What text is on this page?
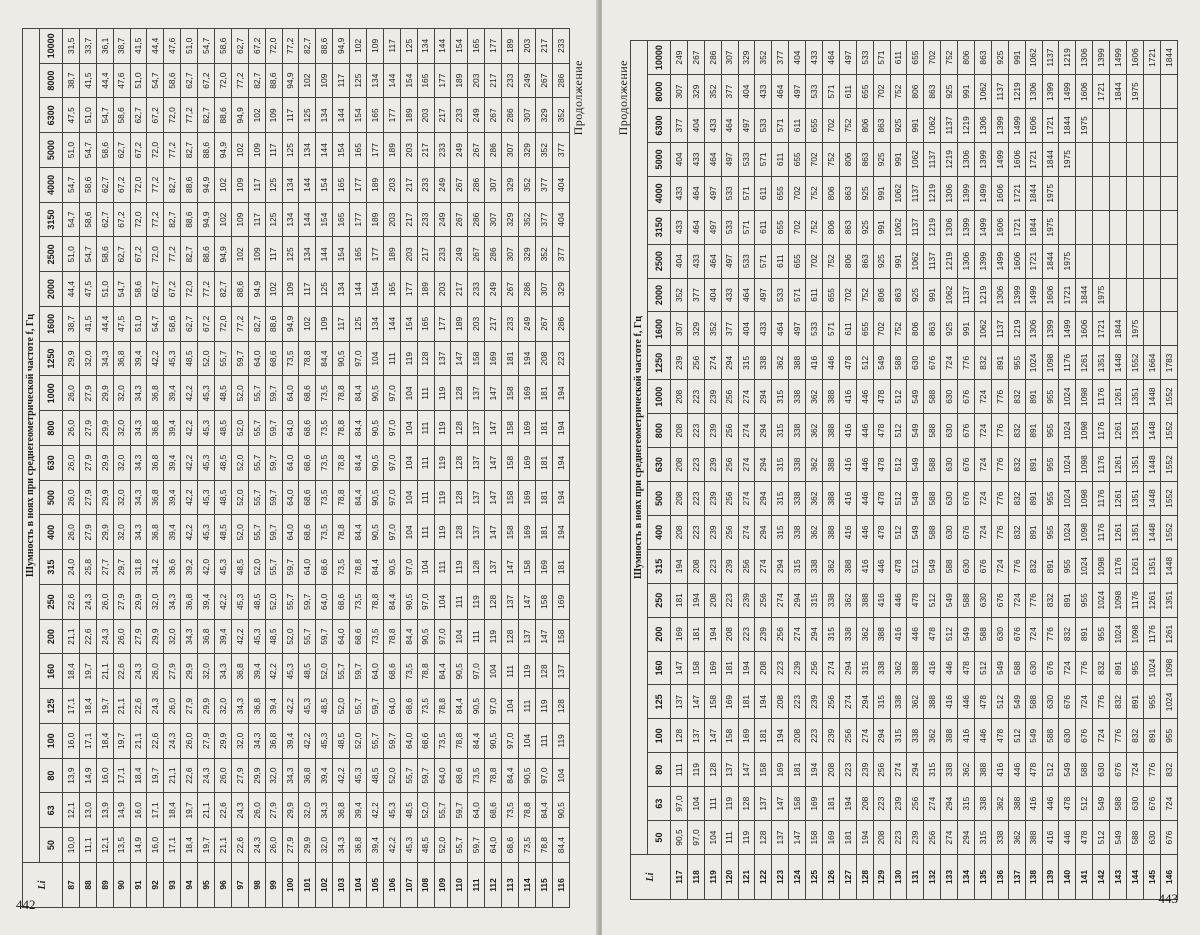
Продолжение
Li	Шумность в ноях при среднегеометрической частоте f, Гц																							
	50	63	80	100	125	160	200	250	315	400	500	630	800	1000	1250	1600	2000	2500	3150	4000	5000	6300	8000	10000
87	10,0	12,1	13,9	16,0	17,1	18,4	21,1	22,6	24,0	26,0	26,0	26,0	26,0	26,0	29,9	38,7	44,4	51,0	54,7	54,7	51,0	47,5	38,7	31,5
88	11,1	13,0	14,9	17,1	18,4	19,7	22,6	24,3	25,8	27,9	27,9	27,9	27,9	27,9	32,0	41,5	47,5	54,7	58,6	58,6	54,7	51,0	41,5	33,7
89	12,1	13,9	16,0	18,4	19,7	21,1	24,3	26,0	27,7	29,9	29,9	29,9	29,9	29,9	34,3	44,4	51,0	58,6	62,7	62,7	58,6	54,7	44,4	36,1
90	13,5	14,9	17,1	19,7	21,1	22,6	26,0	27,9	29,7	32,0	32,0	32,0	32,0	32,0	36,8	47,5	54,7	62,7	67,2	67,2	62,7	58,6	47,6	38,7
91	14,9	16,0	18,4	21,1	22,6	24,3	27,9	29,9	31,8	34,3	34,3	34,3	34,3	34,3	39,4	51,0	58,6	67,2	72,0	72,0	67,2	62,7	51,0	41,5
92	16,0	17,1	19,7	22,6	24,3	26,0	29,9	32,0	34,2	36,8	36,8	36,8	36,8	36,8	42,2	54,7	62,7	72,0	77,2	77,2	72,0	67,2	54,7	44,4
93	17,1	18,4	21,1	24,3	26,0	27,9	32,0	34,3	36,6	39,4	39,4	39,4	39,4	39,4	45,3	58,6	67,2	77,2	82,7	82,7	77,2	72,0	58,6	47,6
94	18,4	19,7	22,6	26,0	27,9	29,9	34,3	36,8	39,2	42,2	42,2	42,2	42,2	42,2	48,5	62,7	72,0	82,7	88,6	88,6	82,7	77,2	62,7	51,0
95	19,7	21,1	24,3	27,9	29,9	32,0	36,8	39,4	42,0	45,3	45,3	45,3	45,3	45,3	52,0	67,2	77,2	88,6	94,9	94,9	88,6	82,7	67,2	54,7
96	21,1	22,6	26,0	29,9	32,0	34,3	39,4	42,2	45,3	48,5	48,5	48,5	48,5	48,5	55,7	72,0	82,7	94,9	102	102	94,9	88,6	72,0	58,6
97	22,6	24,3	27,9	32,0	34,3	36,8	42,2	45,3	48,5	52,0	52,0	52,0	52,0	52,0	59,7	77,2	88,6	102	109	109	102	94,9	77,2	62,7
98	24,3	26,0	29,9	34,3	36,8	39,4	45,3	48,5	52,0	55,7	55,7	55,7	55,7	55,7	64,0	82,7	94,9	109	117	117	109	102	82,7	67,2
99	26,0	27,9	32,0	36,8	39,4	42,2	48,5	52,0	55,7	59,7	59,7	59,7	59,7	59,7	68,6	88,6	102	117	125	125	117	109	88,6	72,0
100	27,9	29,9	34,3	39,4	42,2	45,3	52,0	55,7	59,7	64,0	64,0	64,0	64,0	64,0	73,5	94,9	109	125	134	134	125	117	94,9	77,2
101	29,9	32,0	36,8	42,2	45,3	48,5	55,7	59,7	64,0	68,6	68,6	68,6	68,6	68,6	78,8	102	117	134	144	144	134	125	102	82,7
102	32,0	34,3	39,4	45,3	48,5	52,0	59,7	64,0	68,6	73,5	73,5	73,5	73,5	73,5	84,4	109	125	144	154	154	144	134	109	88,6
103	34,3	36,8	42,2	48,5	52,0	55,7	64,0	68,6	73,5	78,8	78,8	78,8	78,8	78,8	90,5	117	134	154	165	165	154	144	117	94,9
104	36,8	39,4	45,3	52,0	55,7	59,7	68,6	73,5	78,8	84,4	84,4	84,4	84,4	84,4	97,0	125	144	165	177	177	165	154	125	102
105	39,4	42,2	48,5	55,7	59,7	64,0	73,5	78,8	84,4	90,5	90,5	90,5	90,5	90,5	104	134	154	177	189	189	177	165	134	109
106	42,2	45,3	52,0	59,7	64,0	68,6	78,8	84,4	90,5	97,0	97,0	97,0	97,0	97,0	111	144	165	189	203	203	189	177	144	117
107	45,3	48,5	55,7	64,0	68,6	73,5	84,4	90,5	97,0	104	104	104	104	104	119	154	177	203	217	217	203	189	154	125
108	48,5	52,0	59,7	68,6	73,5	78,8	90,5	97,0	104	111	111	111	111	111	128	165	189	217	233	233	217	203	165	134
109	52,0	55,7	64,0	73,5	78,8	84,4	97,0	104	111	119	119	119	119	119	137	177	203	233	249	249	233	217	177	144
110	55,7	59,7	68,6	78,8	84,4	90,5	104	111	119	128	128	128	128	128	147	189	217	249	267	267	249	233	189	154
111	59,7	64,0	73,5	84,4	90,5	97,0	111	119	128	137	137	137	137	137	158	203	233	267	286	286	267	249	203	165
112	64,0	68,6	78,8	90,5	97,0	104	119	128	137	147	147	147	147	147	169	217	249	286	307	307	286	267	217	177
113	68,6	73,5	84,4	97,0	104	111	128	137	147	158	158	158	158	158	181	233	267	307	329	329	307	286	233	189
114	73,5	78,8	90,5	104	111	119	137	147	158	169	169	169	169	169	194	249	286	329	352	352	329	307	249	203
115	78,8	84,4	97,0	111	119	128	147	158	169	181	181	181	181	181	208	267	307	352	377	377	352	329	267	217
116	84,4	90,5	104	119	128	137	158	169	181	194	194	194	194	194	223	286	329	377	404	404	377	352	286	233
442
Продолжение
Li	Шумность в ноях при среднегеометрической частоте f, Гц																							
	50	63	80	100	125	160	200	250	315	400	500	630	800	1000	1250	1600	2000	2500	3150	4000	5000	6300	8000	10000
117	90,5	97,0	111	128	137	147	169	181	194	208	208	208	208	208	239	307	352	404	433	433	404	377	307	249
118	97,0	104	119	137	147	158	181	194	208	223	223	223	223	223	256	329	377	433	464	464	433	404	329	267
119	104	111	128	147	158	169	194	208	223	239	239	239	239	239	274	352	404	464	497	497	464	433	352	286
120	111	119	137	158	169	181	208	223	239	256	256	256	256	256	294	377	433	497	533	533	497	464	377	307
121	119	128	147	169	181	194	223	239	256	274	274	274	274	274	315	404	464	533	571	571	533	497	404	329
122	128	137	158	181	194	208	239	256	274	294	294	294	294	294	338	433	497	571	611	611	571	533	433	352
123	137	147	169	194	208	223	256	274	294	315	315	315	315	315	362	464	533	611	655	655	611	571	464	377
124	147	158	181	208	223	239	274	294	315	338	338	338	338	338	388	497	571	655	702	702	655	611	497	404
125	158	169	194	223	239	256	294	315	338	362	362	362	362	362	416	533	611	702	752	752	702	655	533	433
126	169	181	208	239	256	274	315	338	362	388	388	388	388	388	446	571	655	752	806	806	752	702	571	464
127	181	194	223	256	274	294	338	362	388	416	416	416	416	416	478	611	702	806	863	863	806	752	611	497
128	194	208	239	274	294	315	362	388	416	446	446	446	446	446	512	655	752	863	925	925	863	806	655	533
129	208	223	256	294	315	338	388	416	446	478	478	478	478	478	549	702	806	925	991	991	925	863	702	571
130	223	239	274	315	338	362	416	446	478	512	512	512	512	512	588	752	863	991	1062	1062	991	925	752	611
131	239	256	294	338	362	388	446	478	512	549	549	549	549	549	630	806	925	1062	1137	1137	1062	991	806	655
132	256	274	315	362	388	416	478	512	549	588	588	588	588	588	676	863	991	1137	1219	1219	1137	1062	863	702
133	274	294	338	388	416	446	512	549	588	630	630	630	630	630	724	925	1062	1219	1306	1306	1219	1137	925	752
134	294	315	362	416	446	478	549	588	630	676	676	676	676	676	776	991	1137	1306	1399	1399	1306	1219	991	806
135	315	338	388	446	478	512	588	630	676	724	724	724	724	724	832	1062	1219	1399	1499	1499	1399	1306	1062	863
136	338	362	416	478	512	549	630	676	724	776	776	776	776	776	891	1137	1306	1499	1606	1606	1499	1399	1137	925
137	362	388	446	512	549	588	676	724	776	832	832	832	832	832	955	1219	1399	1606	1721	1721	1606	1499	1219	991
138	388	416	478	549	588	630	724	776	832	891	891	891	891	891	1024	1306	1499	1721	1844	1844	1721	1606	1306	1062
139	416	446	512	588	630	676	776	832	891	955	955	955	955	955	1098	1399	1606	1844	1975	1975	1844	1721	1399	1137
140	446	478	549	630	676	724	832	891	955	1024	1024	1024	1024	1024	1176	1499	1721	1975			1975	1844	1499	1219
141	478	512	588	676	724	776	891	955	1024	1098	1098	1098	1098	1098	1261	1606	1844					1975	1606	1306
142	512	549	630	724	776	832	955	1024	1098	1176	1176	1176	1176	1176	1351	1721	1975						1721	1399
143	549	588	676	776	832	891	1024	1098	1176	1261	1261	1261	1261	1261	1448	1844							1844	1499
144	588	630	724	832	891	955	1098	1176	1261	1351	1351	1351	1351	1351	1552	1975							1975	1606
145	630	676	776	891	955	1024	1176	1261	1351	1448	1448	1448	1448	1448	1664									1721
146	676	724	832	955	1024	1098	1261	1351	1448	1552	1552	1552	1552	1552	1783									1844
443
